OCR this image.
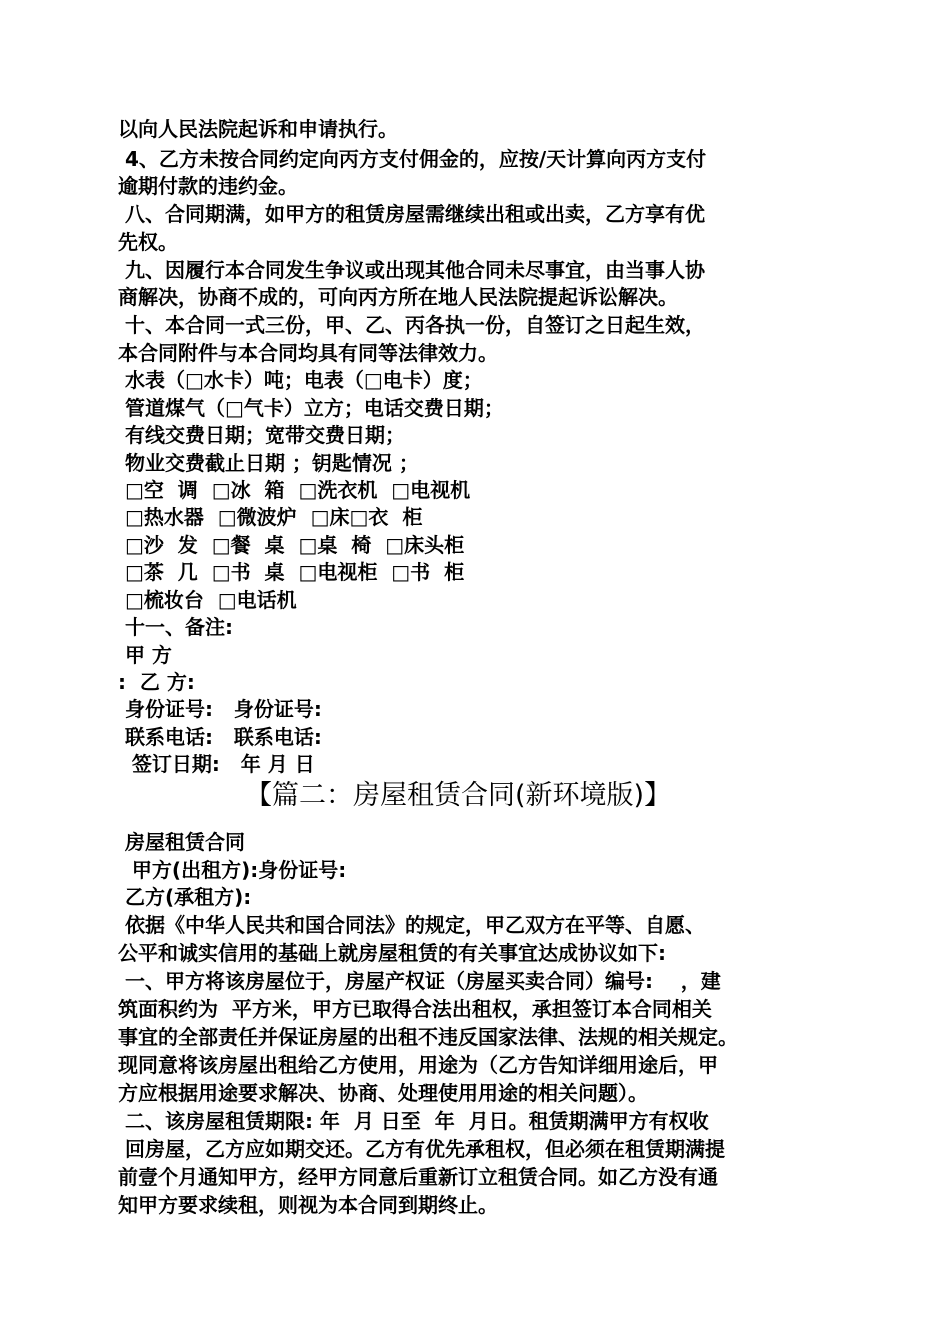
以向人民法院起诉和申请执行。
4、乙方未按合同约定向丙方支付佣金的，应按/天计算向丙方支付
逾期付款的违约金。
八、合同期满，如甲方的租赁房屋需继续出租或出卖，乙方享有优
先权。
九、因履行本合同发生争议或出现其他合同未尽事宜，由当事人协
商解决，协商不成的，可向丙方所在地人民法院提起诉讼解决。
十、本合同一式三份，甲、乙、丙各执一份，自签订之日起生效，
本合同附件与本合同均具有同等法律效力。
水表（□水卡）吨；电表（□电卡）度；
管道煤气（□气卡）立方；电话交费日期；
有线交费日期；宽带交费日期；
物业交费截止日期 ；钥匙情况 ；
□空  调  □冰  箱  □洗衣机  □电视机
□热水器  □微波炉  □床□衣  柜
□沙  发  □餐  桌  □桌  椅  □床头柜
□茶  几  □书  桌  □电视柜  □书  柜
□梳妆台  □电话机
十一、备注:
甲 方
:  乙 方:
身份证号:   身份证号:
联系电话:   联系电话:
签订日期:   年 月 日
【篇二：房屋租赁合同(新环境版)】
房屋租赁合同
甲方(出租方):身份证号:
乙方(承租方):
依据《中华人民共和国合同法》的规定，甲乙双方在平等、自愿、
公平和诚实信用的基础上就房屋租赁的有关事宜达成协议如下:
一、甲方将该房屋位于，房屋产权证（房屋买卖合同）编号:    ，建
筑面积约为  平方米，甲方已取得合法出租权，承担签订本合同相关
事宜的全部责任并保证房屋的出租不违反国家法律、法规的相关规定。
现同意将该房屋出租给乙方使用，用途为（乙方告知详细用途后，甲
方应根据用途要求解决、协商、处理使用用途的相关问题）。
二、该房屋租赁期限: 年  月 日至  年  月日。租赁期满甲方有权收
回房屋，乙方应如期交还。乙方有优先承租权，但必须在租赁期满提
前壹个月通知甲方，经甲方同意后重新订立租赁合同。如乙方没有通
知甲方要求续租，则视为本合同到期终止。
